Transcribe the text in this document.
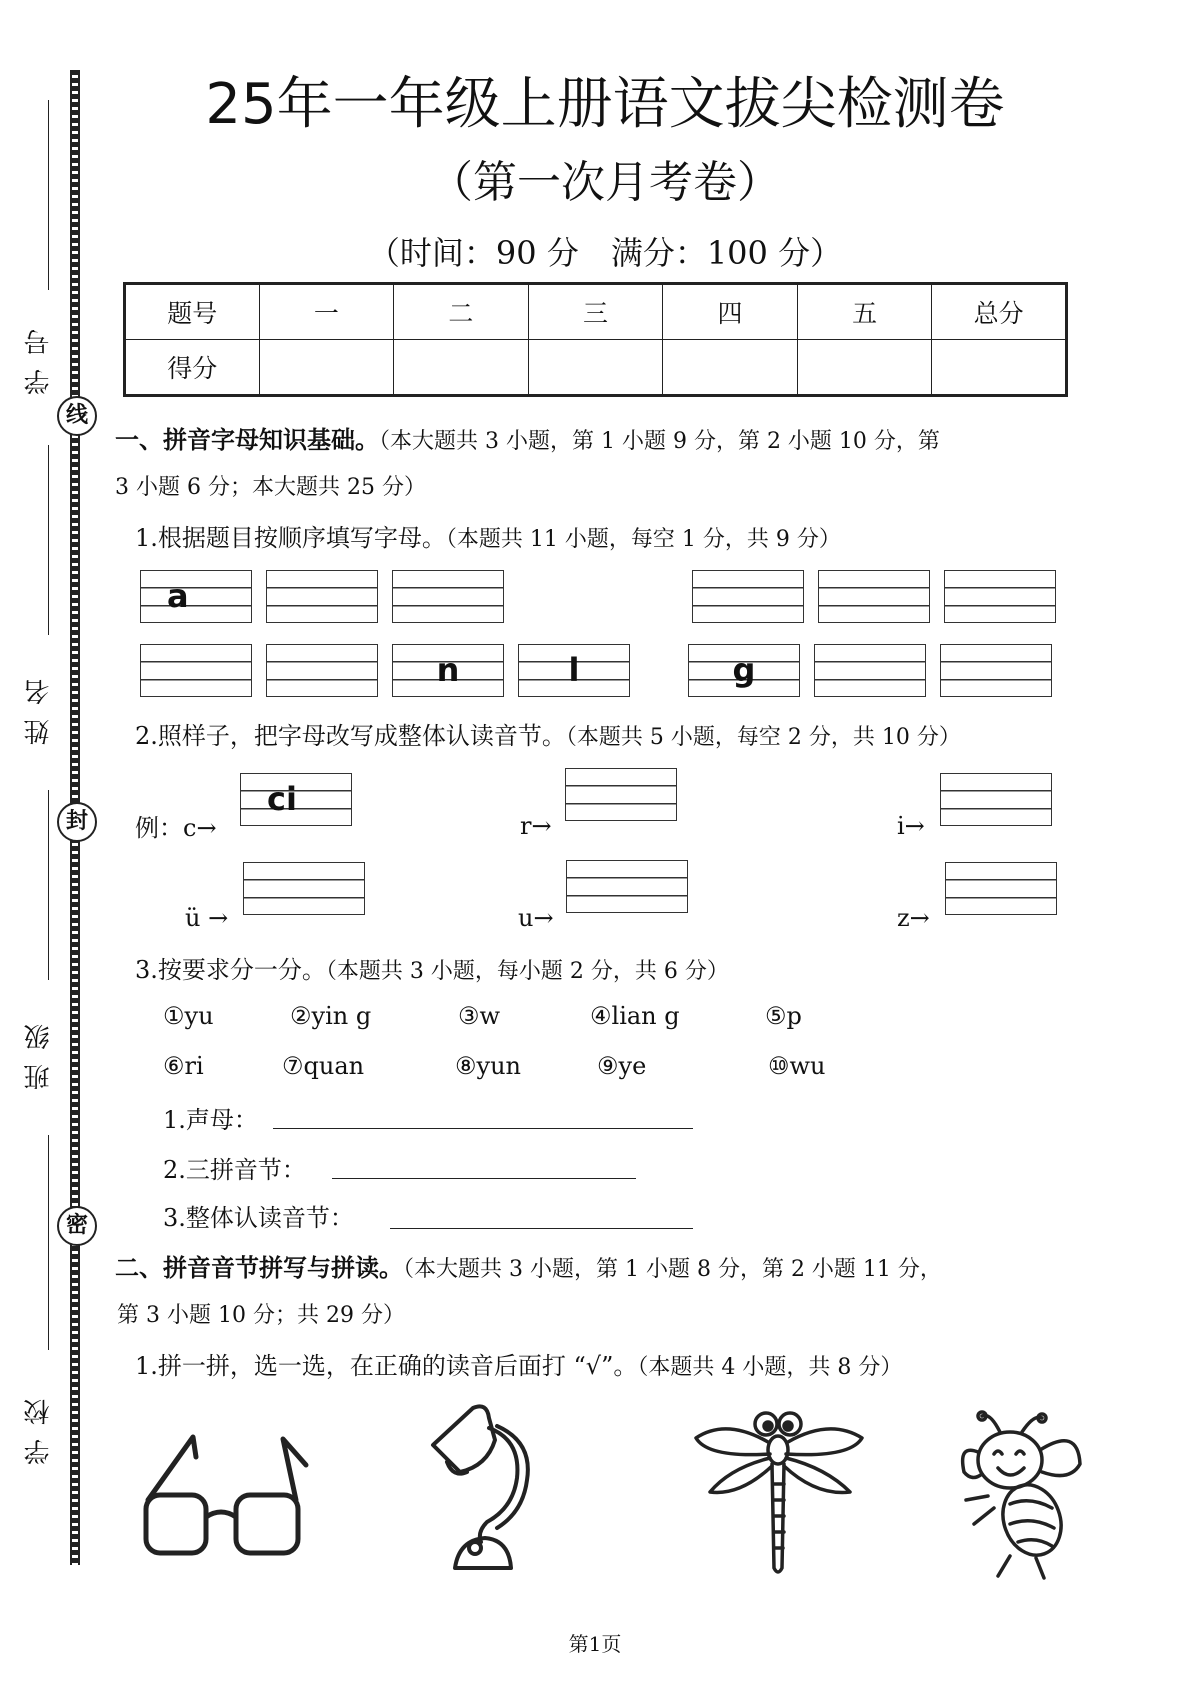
线
封
密
学号
姓名
班级
学校
25年一年级上册语文拔尖检测卷
（第一次月考卷）
（时间：90 分　满分：100 分）
题号	一	二	三	四	五	总分
得分						
一、拼音字母知识基础。（本大题共 3 小题，第 1 小题 9 分，第 2 小题 10 分，第
3 小题 6 分；本大题共 25 分）
1.根据题目按顺序填写字母。（本题共 11 小题，每空 1 分，共 9 分）
a
n	l	g
2.照样子，把字母改写成整体认读音节。（本题共 5 小题，每空 2 分，共 10 分）
例：c→
ci
r→	i→
ü →	u→	z→
3.按要求分一分。（本题共 3 小题，每小题 2 分，共 6 分）
①yu	②yin g	③w	④lian g	⑤p
⑥ri	⑦quan	⑧yun	⑨ye	⑩wu
1.声母：
2.三拼音节：
3.整体认读音节：
二、拼音音节拼写与拼读。（本大题共 3 小题，第 1 小题 8 分，第 2 小题 11 分，
第 3 小题 10 分；共 29 分）
1.拼一拼，选一选，在正确的读音后面打 “√”。（本题共 4 小题，共 8 分）
第1页
